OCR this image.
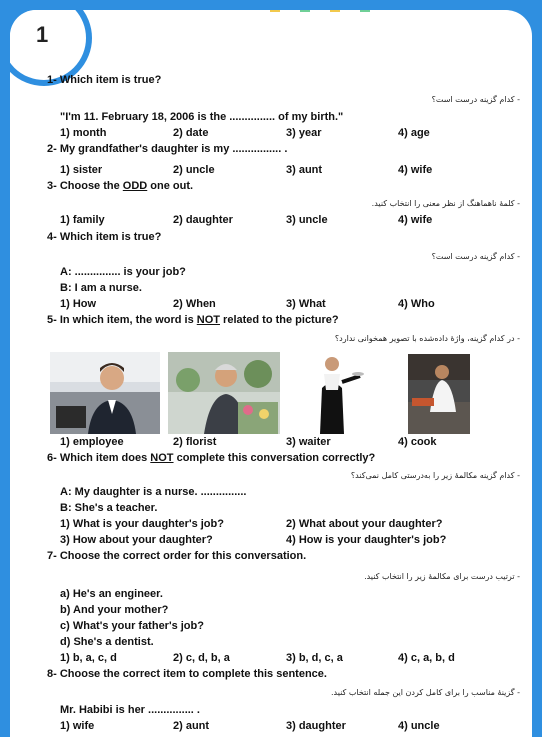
1
1- Which item is true?
- کدام گزینه درست است؟
"I'm 11. February 18, 2006 is the ............... of my birth."
1) month	2) date	3) year	4) age
2- My grandfather's daughter is my ................ .
1) sister	2) uncle	3) aunt	4) wife
3- Choose the ODD one out.
- کلمهٔ ناهماهنگ از نظر معنی را انتخاب کنید.
1) family	2) daughter	3) uncle	4) wife
4- Which item is true?
- کدام گزینه درست است؟
A: ............... is your job?
B: I am a nurse.
1) How	2) When	3) What	4) Who
5- In which item, the word is NOT related to the picture?
- در کدام گزینه، واژهٔ داده‌شده با تصویر همخوانی ندارد؟
1) employee	2) florist	3) waiter	4) cook
6- Which item does NOT complete this conversation correctly?
- کدام گزینه مکالمهٔ زیر را به‌درستی کامل نمی‌کند؟
A: My daughter is a nurse. ...............
B: She's a teacher.
1) What is your daughter's job?	2) What about your daughter?
3) How about your daughter?	4) How is your daughter's job?
7- Choose the correct order for this conversation.
- ترتیب درست برای مکالمهٔ زیر را انتخاب کنید.
a) He's an engineer.
b) And your mother?
c) What's your father's job?
d) She's a dentist.
1) b, a, c, d	2) c, d, b, a	3) b, d, c, a	4) c, a, b, d
8- Choose the correct item to complete this sentence.
- گزینهٔ مناسب را برای کامل کردن این جمله انتخاب کنید.
Mr. Habibi is her ............... .
1) wife	2) aunt	3) daughter	4) uncle
